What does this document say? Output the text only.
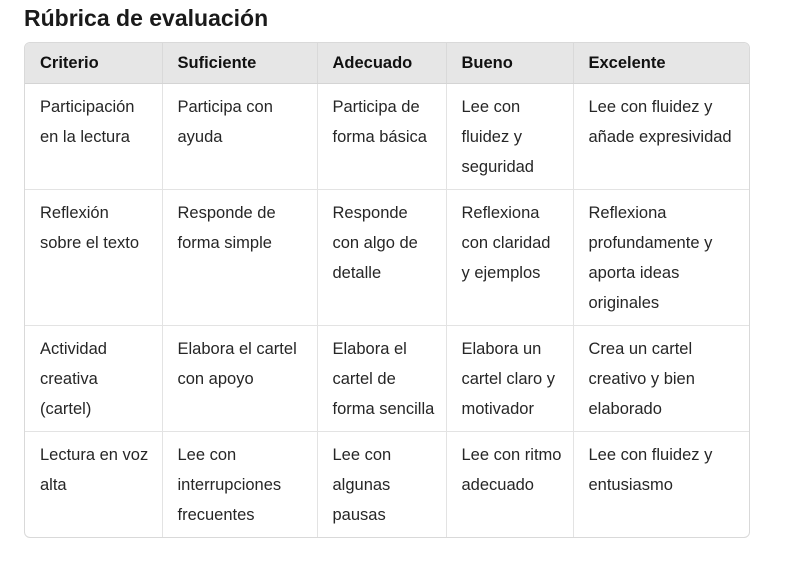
Rúbrica de evaluación
Criterio	Suficiente	Adecuado	Bueno	Excelente
Participación en la lectura	Participa con ayuda	Participa de forma básica	Lee con fluidez y seguridad	Lee con fluidez y añade expresividad
Reflexión sobre el texto	Responde de forma simple	Responde con algo de detalle	Reflexiona con claridad y ejemplos	Reflexiona profundamente y aporta ideas originales
Actividad creativa (cartel)	Elabora el cartel con apoyo	Elabora el cartel de forma sencilla	Elabora un cartel claro y motivador	Crea un cartel creativo y bien elaborado
Lectura en voz alta	Lee con interrupciones frecuentes	Lee con algunas pausas	Lee con ritmo adecuado	Lee con fluidez y entusiasmo
